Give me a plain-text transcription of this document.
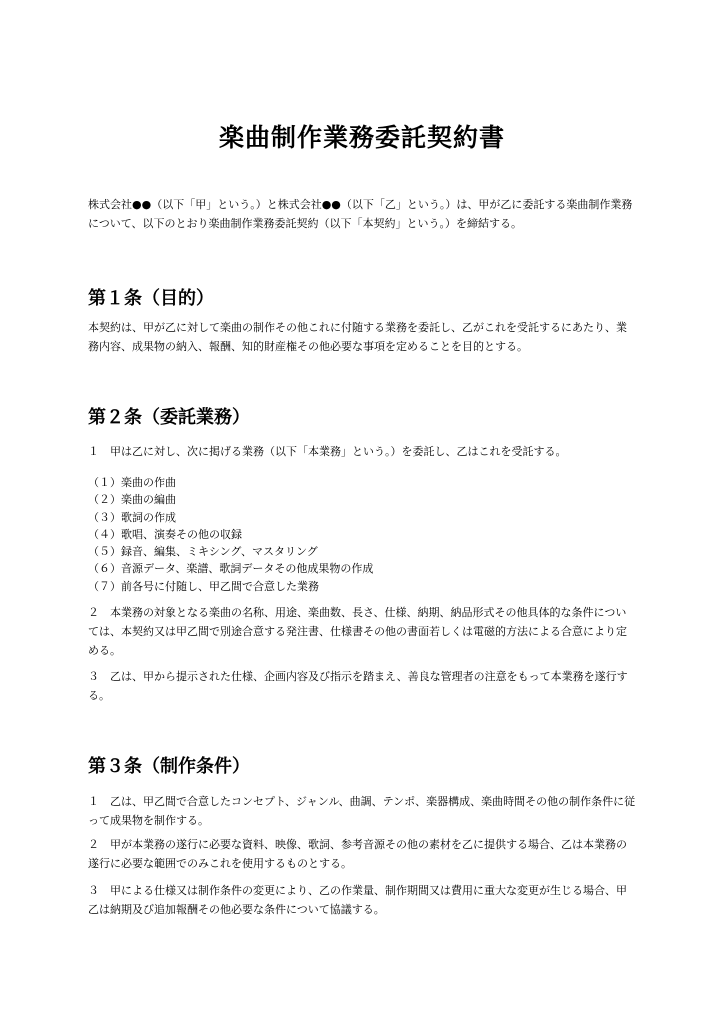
楽曲制作業務委託契約書

株式会社●●（以下「甲」という。）と株式会社●●（以下「乙」という。）は、甲が乙に委託する楽曲制作業務について、以下のとおり楽曲制作業務委託契約（以下「本契約」という。）を締結する。

第１条（目的）

本契約は、甲が乙に対して楽曲の制作その他これに付随する業務を委託し、乙がこれを受託するにあたり、業務内容、成果物の納入、報酬、知的財産権その他必要な事項を定めることを目的とする。

第２条（委託業務）

１　甲は乙に対し、次に掲げる業務（以下「本業務」という。）を委託し、乙はこれを受託する。

（１）楽曲の作曲
（２）楽曲の編曲
（３）歌詞の作成
（４）歌唱、演奏その他の収録
（５）録音、編集、ミキシング、マスタリング
（６）音源データ、楽譜、歌詞データその他成果物の作成
（７）前各号に付随し、甲乙間で合意した業務

２　本業務の対象となる楽曲の名称、用途、楽曲数、長さ、仕様、納期、納品形式その他具体的な条件については、本契約又は甲乙間で別途合意する発注書、仕様書その他の書面若しくは電磁的方法による合意により定める。

３　乙は、甲から提示された仕様、企画内容及び指示を踏まえ、善良な管理者の注意をもって本業務を遂行する。

第３条（制作条件）

１　乙は、甲乙間で合意したコンセプト、ジャンル、曲調、テンポ、楽器構成、楽曲時間その他の制作条件に従って成果物を制作する。

２　甲が本業務の遂行に必要な資料、映像、歌詞、参考音源その他の素材を乙に提供する場合、乙は本業務の遂行に必要な範囲でのみこれを使用するものとする。

３　甲による仕様又は制作条件の変更により、乙の作業量、制作期間又は費用に重大な変更が生じる場合、甲乙は納期及び追加報酬その他必要な条件について協議する。
